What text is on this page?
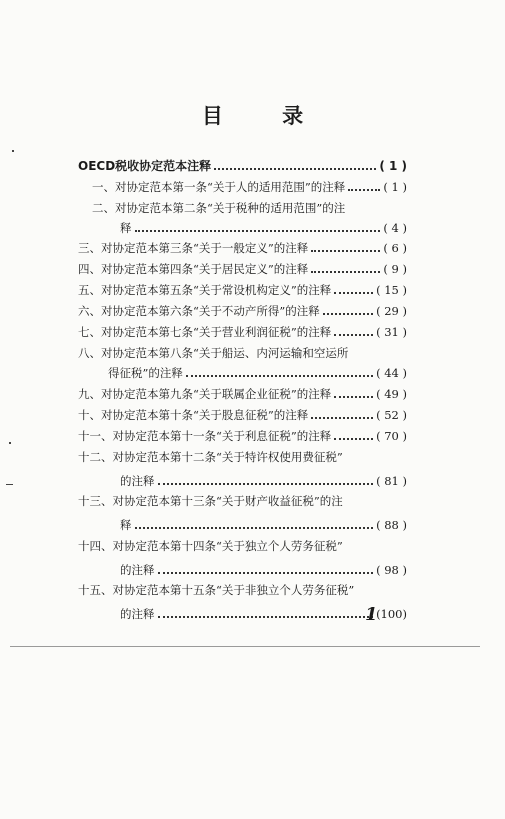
目 录
OECD税收协定范本注释	( 1 )
一、对协定范本第一条“关于人的适用范围”的注释	( 1 )
二、对协定范本第二条“关于税种的适用范围”的注
释	( 4 )
三、对协定范本第三条“关于一般定义”的注释	( 6 )
四、对协定范本第四条“关于居民定义”的注释	( 9 )
五、对协定范本第五条“关于常设机构定义”的注释	( 15 )
六、对协定范本第六条“关于不动产所得”的注释	( 29 )
七、对协定范本第七条“关于营业利润征税”的注释	( 31 )
八、对协定范本第八条“关于船运、内河运输和空运所
得征税”的注释	( 44 )
九、对协定范本第九条“关于联属企业征税”的注释	( 49 )
十、对协定范本第十条“关于股息征税”的注释	( 52 )
十一、对协定范本第十一条“关于利息征税”的注释	( 70 )
十二、对协定范本第十二条“关于特许权使用费征税”
的注释	( 81 )
十三、对协定范本第十三条“关于财产收益征税”的注
释	( 88 )
十四、对协定范本第十四条“关于独立个人劳务征税”
的注释	( 98 )
十五、对协定范本第十五条“关于非独立个人劳务征税”
的注释	(100)
1
